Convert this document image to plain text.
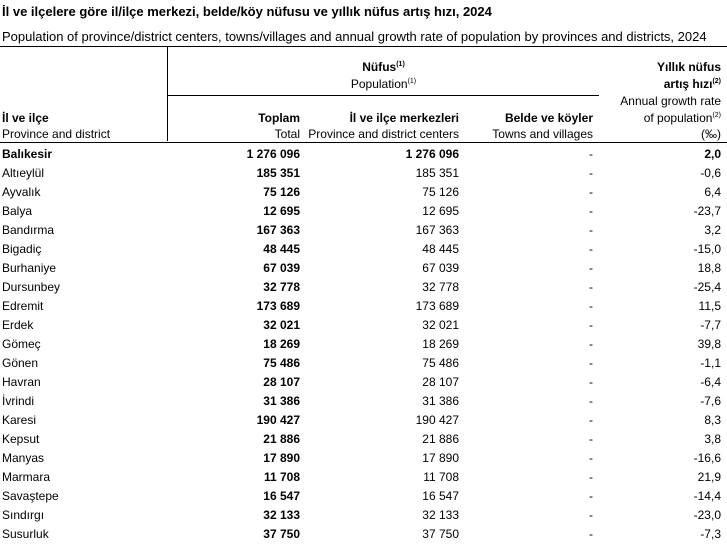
İl ve ilçelere göre il/ilçe merkezi, belde/köy nüfusu ve yıllık nüfus artış hızı, 2024
Population of province/district centers, towns/villages and annual growth rate of population by provinces and districts, 2024
Nüfus$^{(1)}$
Population$^{(1)}$
Yıllık nüfus
artış hızı$^{(2)}$
Annual growth rate
of population$^{(2)}$
(‰)
İl ve ilçe
Province and district
Toplam
Total
İl ve ilçe merkezleri
Province and district centers
Belde ve köyler
Towns and villages
Balıkesir	1 276 096	1 276 096	-	2,0
Altıeylül	185 351	185 351	-	-0,6
Ayvalık	75 126	75 126	-	6,4
Balya	12 695	12 695	-	-23,7
Bandırma	167 363	167 363	-	3,2
Bigadiç	48 445	48 445	-	-15,0
Burhaniye	67 039	67 039	-	18,8
Dursunbey	32 778	32 778	-	-25,4
Edremit	173 689	173 689	-	11,5
Erdek	32 021	32 021	-	-7,7
Gömeç	18 269	18 269	-	39,8
Gönen	75 486	75 486	-	-1,1
Havran	28 107	28 107	-	-6,4
İvrindi	31 386	31 386	-	-7,6
Karesi	190 427	190 427	-	8,3
Kepsut	21 886	21 886	-	3,8
Manyas	17 890	17 890	-	-16,6
Marmara	11 708	11 708	-	21,9
Savaştepe	16 547	16 547	-	-14,4
Sındırgı	32 133	32 133	-	-23,0
Susurluk	37 750	37 750	-	-7,3
